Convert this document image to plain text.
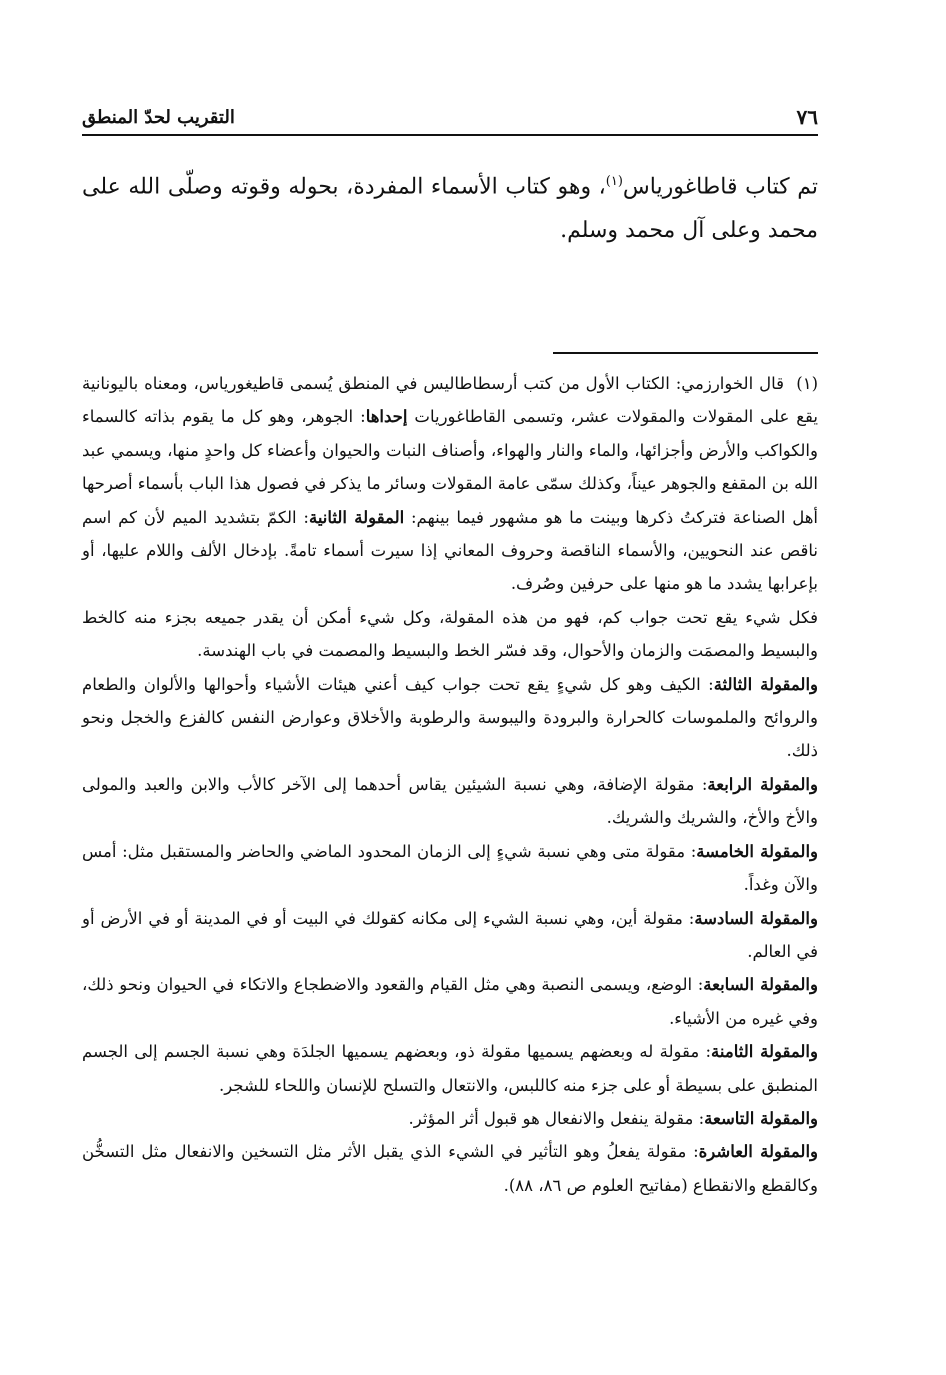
٧٦
التقريب لحدّ المنطق

تم كتاب قاطاغورياس$^{(١)}$، وهو كتاب الأسماء المفردة، بحوله وقوته وصلّى الله على محمد وعلى آل محمد وسلم.

(١)قال الخوارزمي: الكتاب الأول من كتب أرسطاطاليس في المنطق يُسمى قاطيغورياس، ومعناه باليونانية يقع على المقولات والمقولات عشر، وتسمى القاطاغوريات إحداها: الجوهر، وهو كل ما يقوم بذاته كالسماء والكواكب والأرض وأجزائها، والماء والنار والهواء، وأصناف النبات والحيوان وأعضاء كل واحدٍ منها، ويسمي عبد الله بن المقفع والجوهر عيناً، وكذلك سمّى عامة المقولات وسائر ما يذكر في فصول هذا الباب بأسماء أصرحها أهل الصناعة فتركتُ ذكرها وبينت ما هو مشهور فيما بينهم: المقولة الثانية: الكمّ بتشديد الميم لأن كم اسم ناقص عند النحويين، والأسماء الناقصة وحروف المعاني إذا سيرت أسماء تامةً. بإدخال الألف واللام عليها، أو بإعرابها يشدد ما هو منها على حرفين وصُرف.

فكل شيء يقع تحت جواب كم، فهو من هذه المقولة، وكل شيء أمكن أن يقدر جميعه بجزء منه كالخط والبسيط والمصمَت والزمان والأحوال، وقد فسّر الخط والبسيط والمصمت في باب الهندسة.

والمقولة الثالثة: الكيف وهو كل شيءٍ يقع تحت جواب كيف أعني هيئات الأشياء وأحوالها والألوان والطعام والروائح والملموسات كالحرارة والبرودة واليبوسة والرطوبة والأخلاق وعوارض النفس كالفزع والخجل ونحو ذلك.

والمقولة الرابعة: مقولة الإضافة، وهي نسبة الشيئين يقاس أحدهما إلى الآخر كالأب والابن والعبد والمولى والأخ والأخ، والشريك والشريك.

والمقولة الخامسة: مقولة متى وهي نسبة شيءٍ إلى الزمان المحدود الماضي والحاضر والمستقبل مثل: أمس والآن وغداً.

والمقولة السادسة: مقولة أين، وهي نسبة الشيء إلى مكانه كقولك في البيت أو في المدينة أو في الأرض أو في العالم.

والمقولة السابعة: الوضع، ويسمى النصبة وهي مثل القيام والقعود والاضطجاع والاتكاء في الحيوان ونحو ذلك، وفي غيره من الأشياء.

والمقولة الثامنة: مقولة له وبعضهم يسميها مقولة ذو، وبعضهم يسميها الجلدَة وهي نسبة الجسم إلى الجسم المنطبق على بسيطة أو على جزء منه كاللبس، والانتعال والتسلح للإنسان واللحاء للشجر.

والمقولة التاسعة: مقولة ينفعل والانفعال هو قبول أثر المؤثر.

والمقولة العاشرة: مقولة يفعلُ وهو التأثير في الشيء الذي يقبل الأثر مثل التسخين والانفعال مثل التسخُّن وكالقطع والانقطاع (مفاتيح العلوم ص ٨٦، ٨٨).
